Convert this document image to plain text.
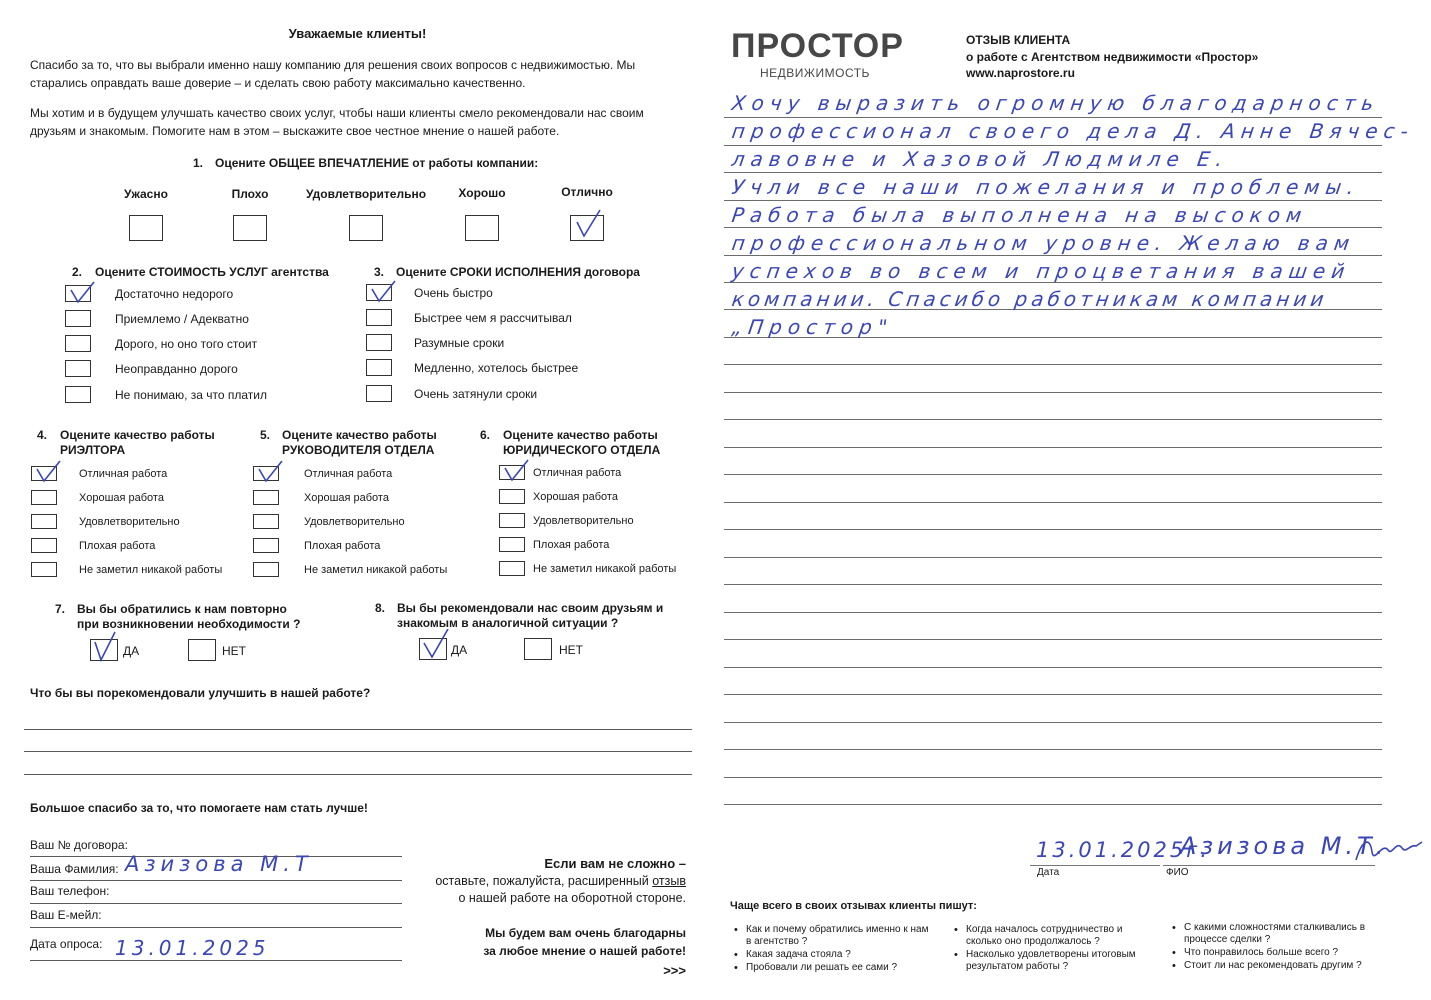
Уважаемые клиенты!
Спасибо за то, что вы выбрали именно нашу компанию для решения своих вопросов с недвижимостью. Мы старались оправдать ваше доверие – и сделать свою работу максимально качественно.
Мы хотим и в будущем улучшать качество своих услуг, чтобы наши клиенты смело рекомендовали нас своим друзьям и знакомым. Помогите нам в этом – выскажите свое честное мнение о нашей работе.
1. Оцените ОБЩЕЕ ВПЕЧАТЛЕНИЕ от работы компании:
Ужасно	Плохо	Удовлетворительно	Хорошо	Отлично
2. Оцените СТОИМОСТЬ УСЛУГ агентства
Достаточно недорого
Приемлемо / Адекватно
Дорого, но оно того стоит
Неоправданно дорого
Не понимаю, за что платил
3. Оцените СРОКИ ИСПОЛНЕНИЯ договора
Очень быстро
Быстрее чем я рассчитывал
Разумные сроки
Медленно, хотелось быстрее
Очень затянули сроки
4. Оцените качество работы
РИЭЛТОРА
Отличная работа
Хорошая работа
Удовлетворительно
Плохая работа
Не заметил никакой работы
5. Оцените качество работы
РУКОВОДИТЕЛЯ ОТДЕЛА
Отличная работа
Хорошая работа
Удовлетворительно
Плохая работа
Не заметил никакой работы
6. Оцените качество работы
ЮРИДИЧЕСКОГО ОТДЕЛА
Отличная работа
Хорошая работа
Удовлетворительно
Плохая работа
Не заметил никакой работы
7. Вы бы обратились к нам повторно
при возникновении необходимости ?
ДА	НЕТ
8. Вы бы рекомендовали нас своим друзьям и
знакомым в аналогичной ситуации ?
ДА	НЕТ
Что бы вы порекомендовали улучшить в нашей работе?
Большое спасибо за то, что помогаете нам стать лучше!
Ваш № договора:
Ваша Фамилия: Азизова М.Т
Ваш телефон:
Ваш Е-мейл:
Дата опроса: 13.01.2025
Если вам не сложно –
оставьте, пожалуйста, расширенный отзыв
о нашей работе на оборотной стороне.
Мы будем вам очень благодарны
за любое мнение о нашей работе!
>>>
ПРОСТОР
НЕДВИЖИМОСТЬ
ОТЗЫВ КЛИЕНТА
о работе с Агентством недвижимости «Простор»
www.naprostore.ru
Хочу выразить огромную благодарность
профессионал своего дела Д. Анне Вячес-
лавовне и Хазовой Людмиле Е.
Учли все наши пожелания и проблемы.
Работа была выполнена на высоком
профессиональном уровне. Желаю вам
успехов во всем и процветания вашей
компании. Спасибо работникам компании
„Простор"
13.01.2025г.
Азизова М.Т.
Дата	ФИО
Чаще всего в своих отзывах клиенты пишут:
• Как и почему обратились именно к нам в агентство ?
• Какая задача стояла ?
• Пробовали ли решать ее сами ?
• Когда началось сотрудничество и сколько оно продолжалось ?
• Насколько удовлетворены итоговым результатом работы ?
• С какими сложностями сталкивались в процессе сделки ?
• Что понравилось больше всего ?
• Стоит ли нас рекомендовать другим ?
